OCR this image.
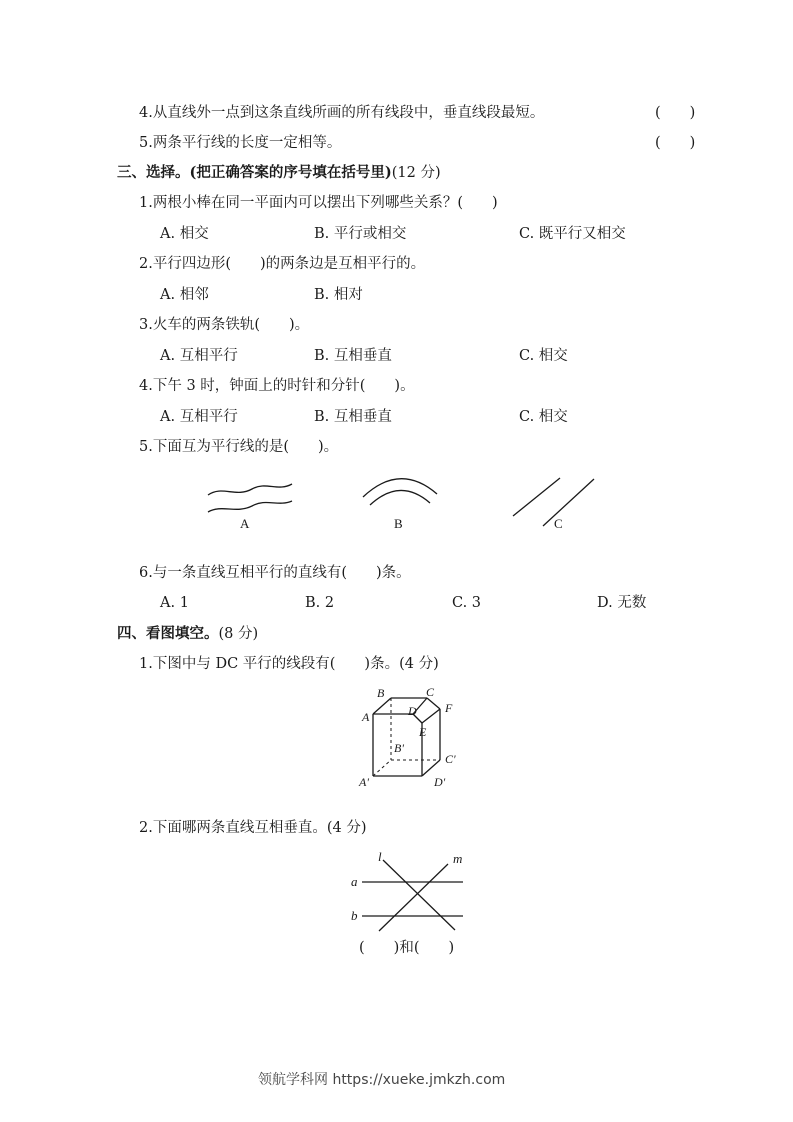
4.从直线外一点到这条直线所画的所有线段中，垂直线段最短。	(　　)
5.两条平行线的长度一定相等。	(　　)
三、选择。(把正确答案的序号填在括号里)(12 分)
1.两根小棒在同一平面内可以摆出下列哪些关系？(　　)
A. 相交	B. 平行或相交	C. 既平行又相交
2.平行四边形(　　)的两条边是互相平行的。
A. 相邻	B. 相对
3.火车的两条铁轨(　　)。
A. 互相平行	B. 互相垂直	C. 相交
4.下午 3 时，钟面上的时针和分针(　　)。
A. 互相平行	B. 互相垂直	C. 相交
5.下面互为平行线的是(　　)。
A	B	C
6.与一条直线互相平行的直线有(　　)条。
A. 1	B. 2	C. 3	D. 无数
四、看图填空。(8 分)
1.下图中与 DC 平行的线段有(　　)条。(4 分)
B	C
A	D F
E
B'
C'
A'	D'
2.下面哪两条直线互相垂直。(4 分)
l	m
a
b
(　　)和(　　)
领航学科网 https://xueke.jmkzh.com
